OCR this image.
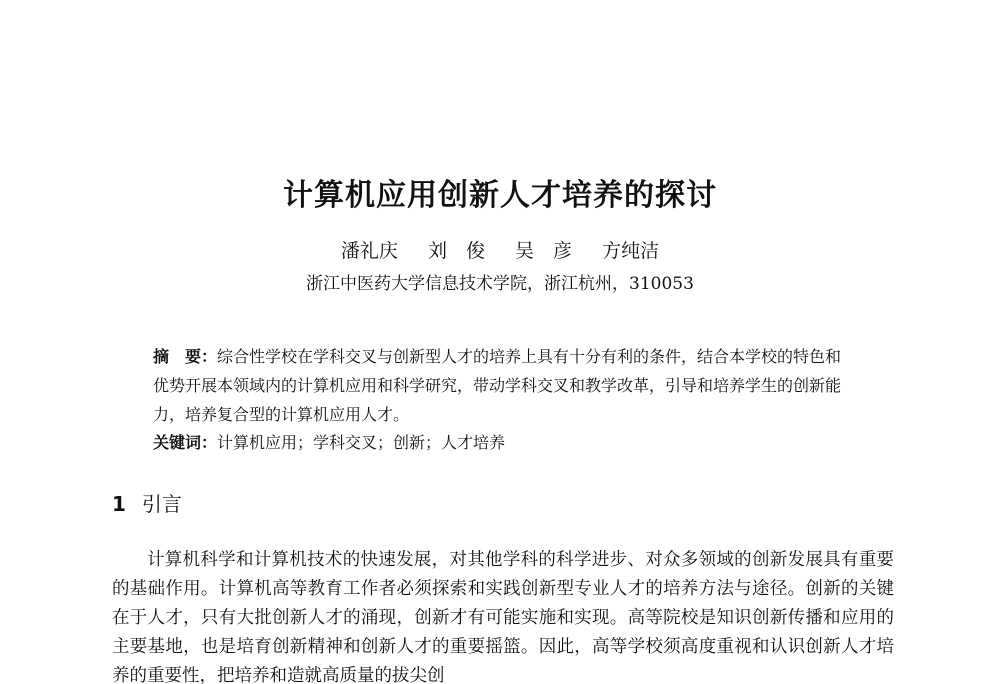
计算机应用创新人才培养的探讨
潘礼庆 刘　俊 吴　彦 方纯洁
浙江中医药大学信息技术学院，浙江杭州，310053
摘　要：综合性学校在学科交叉与创新型人才的培养上具有十分有利的条件，结合本学校的特色和优势开展本领域内的计算机应用和科学研究，带动学科交叉和教学改革，引导和培养学生的创新能力，培养复合型的计算机应用人才。
关键词：计算机应用；学科交叉；创新；人才培养
1 引言
计算机科学和计算机技术的快速发展，对其他学科的科学进步、对众多领域的创新发展具有重要的基础作用。计算机高等教育工作者必须探索和实践创新型专业人才的培养方法与途径。创新的关键在于人才，只有大批创新人才的涌现，创新才有可能实施和实现。高等院校是知识创新传播和应用的主要基地，也是培育创新精神和创新人才的重要摇篮。因此，高等学校须高度重视和认识创新人才培养的重要性，把培养和造就高质量的拔尖创
